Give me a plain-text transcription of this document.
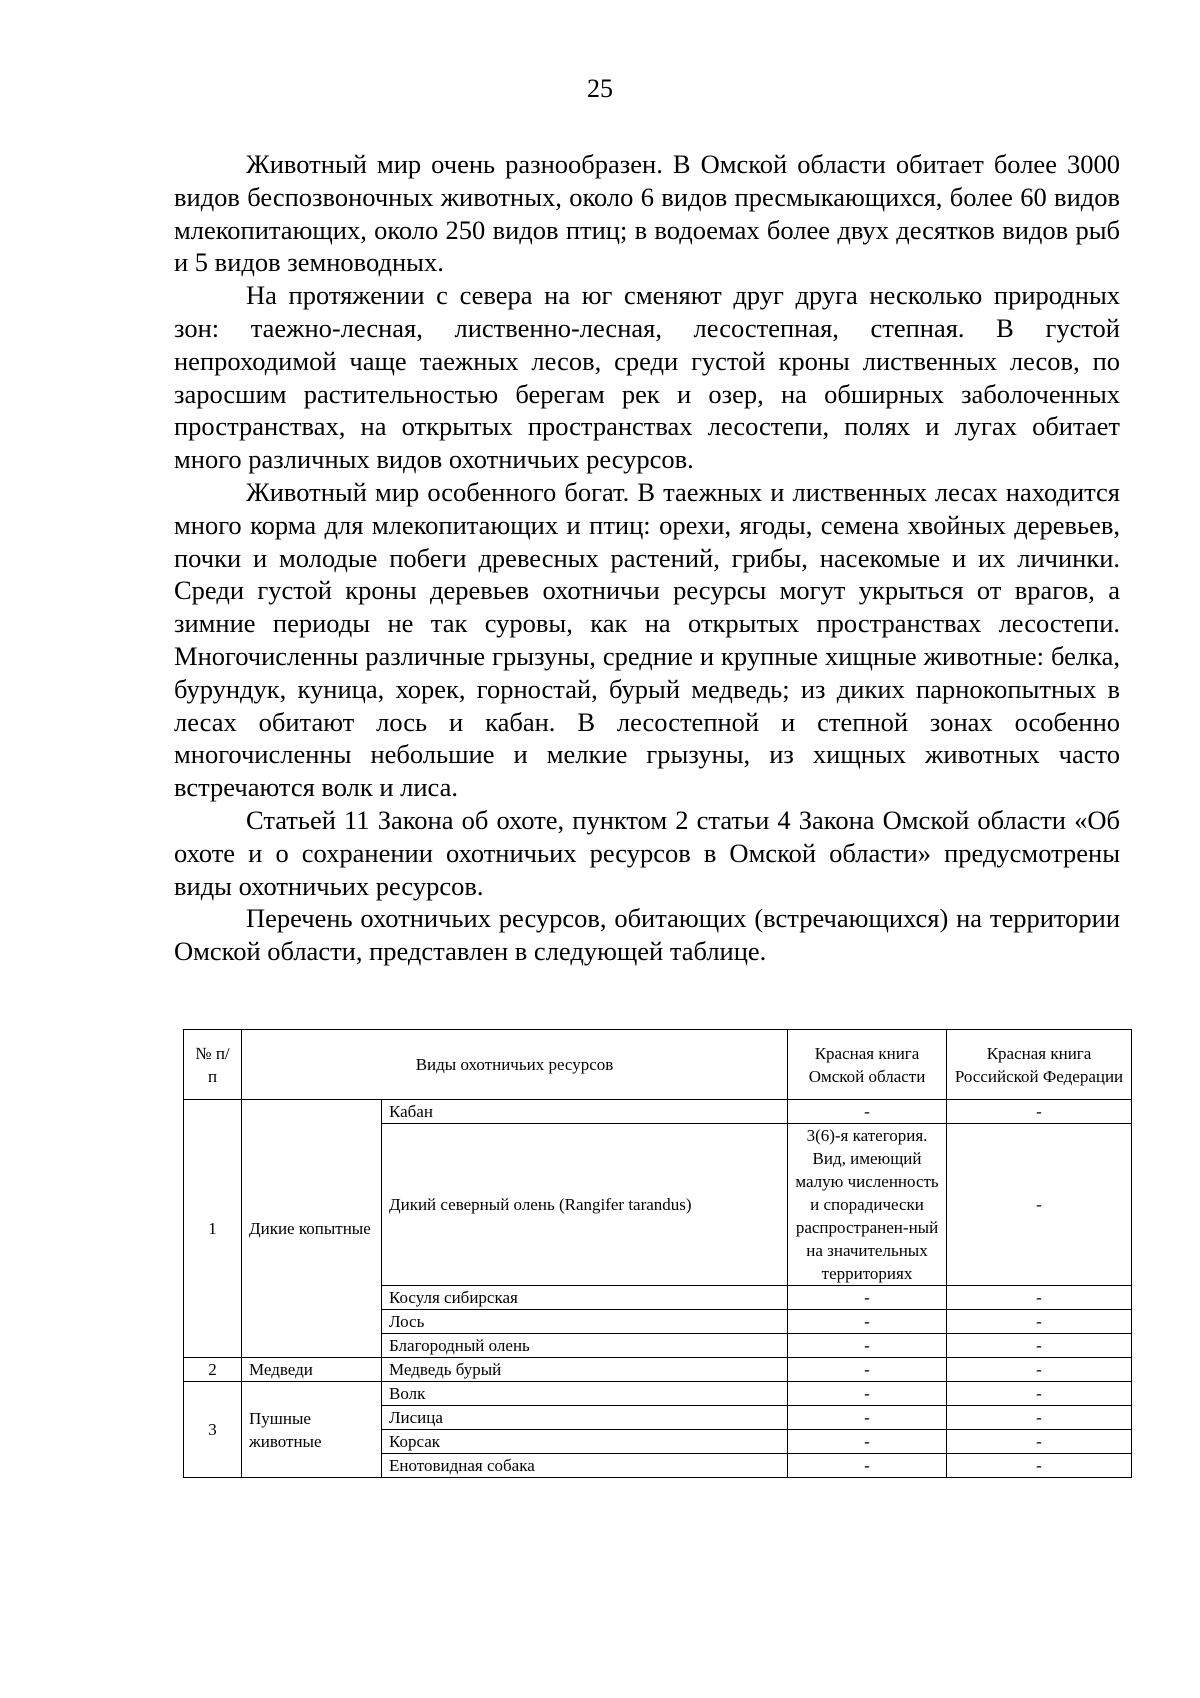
25

Животный мир очень разнообразен. В Омской области обитает более 3000 видов беспозвоночных животных, около 6 видов пресмыкающихся, более 60 видов млекопитающих, около 250 видов птиц; в водоемах более двух десятков видов рыб и 5 видов земноводных.

На протяжении с севера на юг сменяют друг друга несколько природных зон: таежно-лесная, лиственно-лесная, лесостепная, степная. В густой непроходимой чаще таежных лесов, среди густой кроны лиственных лесов, по заросшим растительностью берегам рек и озер, на обширных заболоченных пространствах, на открытых пространствах лесостепи, полях и лугах обитает много различных видов охотничьих ресурсов.

Животный мир особенного богат. В таежных и лиственных лесах находится много корма для млекопитающих и птиц: орехи, ягоды, семена хвойных деревьев, почки и молодые побеги древесных растений, грибы, насекомые и их личинки. Среди густой кроны деревьев охотничьи ресурсы могут укрыться от врагов, а зимние периоды не так суровы, как на открытых пространствах лесостепи. Многочисленны различные грызуны, средние и крупные хищные животные: белка, бурундук, куница, хорек, горностай, бурый медведь; из диких парнокопытных в лесах обитают лось и кабан. В лесостепной и степной зонах особенно многочисленны небольшие и мелкие грызуны, из хищных животных часто встречаются волк и лиса.

Статьей 11 Закона об охоте, пунктом 2 статьи 4 Закона Омской области «Об охоте и о сохранении охотничьих ресурсов в Омской области» предусмотрены виды охотничьих ресурсов.

Перечень охотничьих ресурсов, обитающих (встречающихся) на территории Омской области, представлен в следующей таблице.

№ п/п	Виды охотничьих ресурсов		Красная книга Омской области	Красная книга Российской Федерации
1	Дикие копытные	Кабан	-	-
		Дикий северный олень (Rangifer tarandus)	3(6)-я категория. Вид, имеющий малую численность и спорадически распространен-ный на значительных территориях	-
		Косуля сибирская	-	-
		Лось	-	-
		Благородный олень	-	-
2	Медведи	Медведь бурый	-	-
3	Пушные животные	Волк	-	-
		Лисица	-	-
		Корсак	-	-
		Енотовидная собака	-	-
